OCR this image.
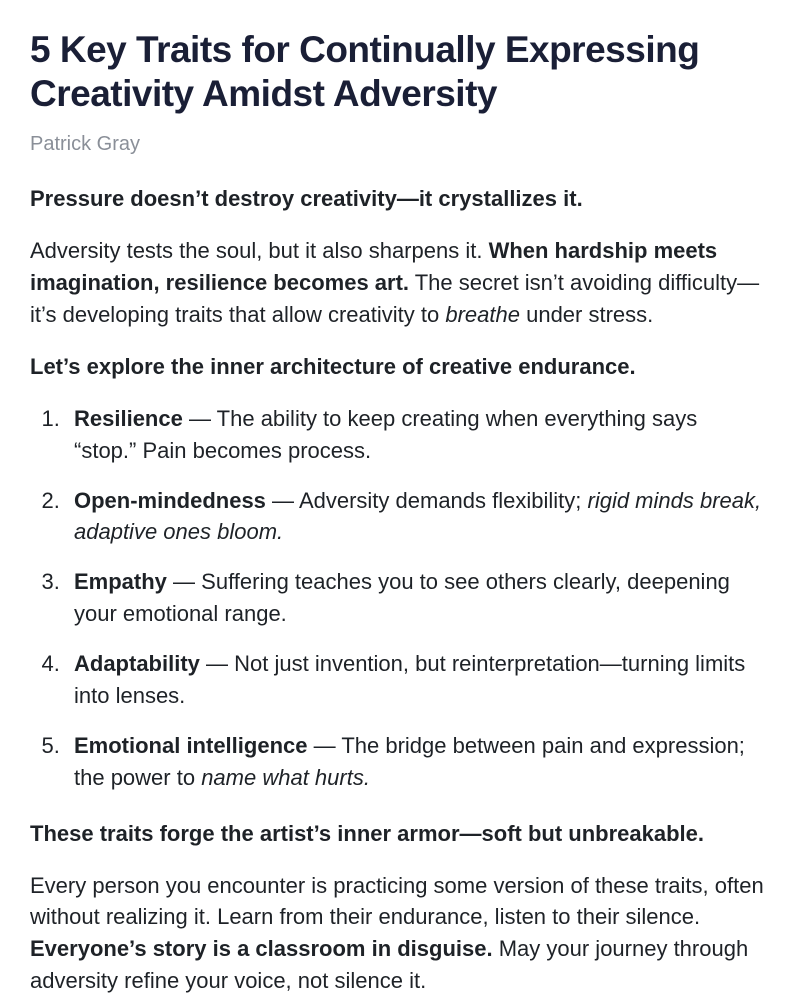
5 Key Traits for Continually Expressing Creativity Amidst Adversity
Patrick Gray

Pressure doesn’t destroy creativity—it crystallizes it.

Adversity tests the soul, but it also sharpens it. When hardship meets imagination, resilience becomes art. The secret isn’t avoiding difficulty—it’s developing traits that allow creativity to breathe under stress.

Let’s explore the inner architecture of creative endurance.

1. Resilience — The ability to keep creating when everything says “stop.” Pain becomes process.
2. Open-mindedness — Adversity demands flexibility; rigid minds break, adaptive ones bloom.
3. Empathy — Suffering teaches you to see others clearly, deepening your emotional range.
4. Adaptability — Not just invention, but reinterpretation—turning limits into lenses.
5. Emotional intelligence — The bridge between pain and expression; the power to name what hurts.

These traits forge the artist’s inner armor—soft but unbreakable.

Every person you encounter is practicing some version of these traits, often without realizing it. Learn from their endurance, listen to their silence.

Everyone’s story is a classroom in disguise. May your journey through adversity refine your voice, not silence it.
